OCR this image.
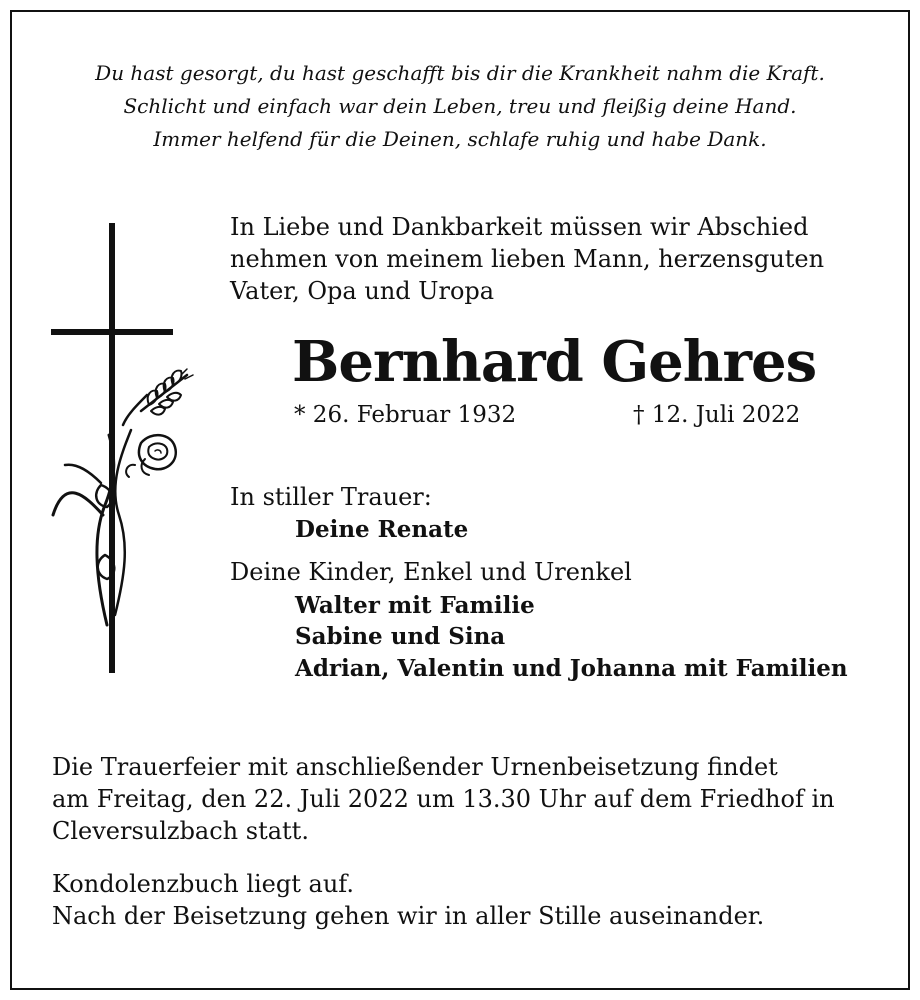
Du hast gesorgt, du hast geschafft bis dir die Krankheit nahm die Kraft.
Schlicht und einfach war dein Leben, treu und fleißig deine Hand.
Immer helfend für die Deinen, schlafe ruhig und habe Dank.
In Liebe und Dankbarkeit müssen wir Abschied
nehmen von meinem lieben Mann, herzensguten
Vater, Opa und Uropa
Bernhard Gehres
* 26. Februar 1932	† 12. Juli 2022
In stiller Trauer:
Deine Renate
Deine Kinder, Enkel und Urenkel
Walter mit Familie
Sabine und Sina
Adrian, Valentin und Johanna mit Familien
Die Trauerfeier mit anschließender Urnenbeisetzung findet
am Freitag, den 22. Juli 2022 um 13.30 Uhr auf dem Friedhof in
Cleversulzbach statt.
Kondolenzbuch liegt auf.
Nach der Beisetzung gehen wir in aller Stille auseinander.
